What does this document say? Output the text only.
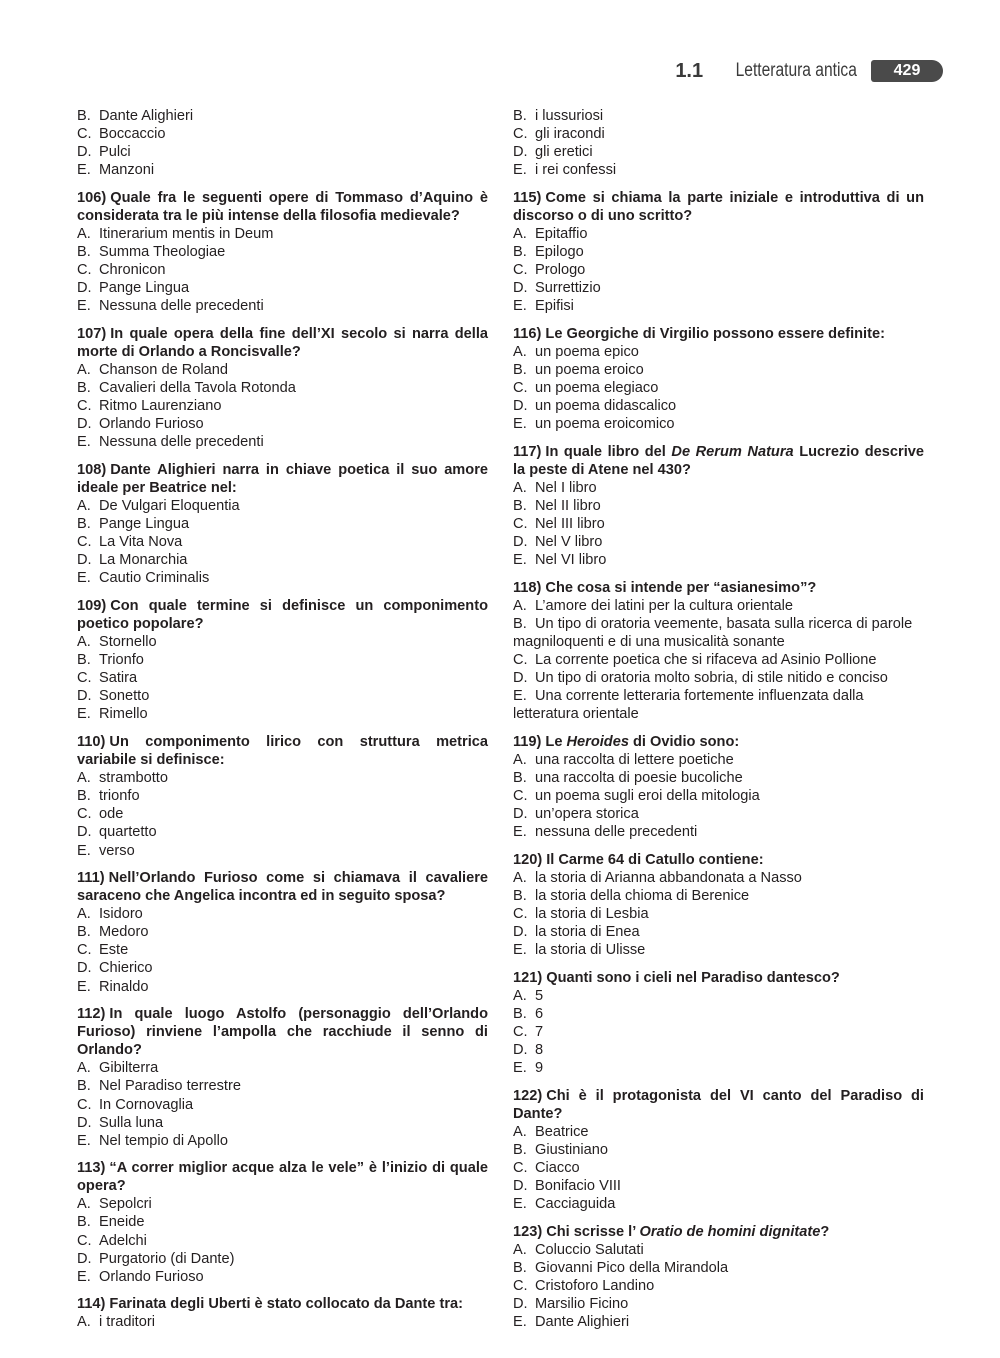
1.1 Letteratura antica	429
B. Dante Alighieri
C. Boccaccio
D. Pulci
E. Manzoni
106) Quale fra le seguenti opere di Tommaso d’Aquino è considerata tra le più intense della filosofia medievale?
A. Itinerarium mentis in Deum
B. Summa Theologiae
C. Chronicon
D. Pange Lingua
E. Nessuna delle precedenti
107) In quale opera della fine dell’XI secolo si narra della morte di Orlando a Roncisvalle?
A. Chanson de Roland
B. Cavalieri della Tavola Rotonda
C. Ritmo Laurenziano
D. Orlando Furioso
E. Nessuna delle precedenti
108) Dante Alighieri narra in chiave poetica il suo amore ideale per Beatrice nel:
A. De Vulgari Eloquentia
B. Pange Lingua
C. La Vita Nova
D. La Monarchia
E. Cautio Criminalis
109) Con quale termine si definisce un componimento poetico popolare?
A. Stornello
B. Trionfo
C. Satira
D. Sonetto
E. Rimello
110) Un componimento lirico con struttura metrica variabile si definisce:
A. strambotto
B. trionfo
C. ode
D. quartetto
E. verso
111) Nell’Orlando Furioso come si chiamava il cavaliere saraceno che Angelica incontra ed in seguito sposa?
A. Isidoro
B. Medoro
C. Este
D. Chierico
E. Rinaldo
112) In quale luogo Astolfo (personaggio dell’Orlando Furioso) rinviene l’ampolla che racchiude il senno di Orlando?
A. Gibilterra
B. Nel Paradiso terrestre
C. In Cornovaglia
D. Sulla luna
E. Nel tempio di Apollo
113) “A correr miglior acque alza le vele” è l’inizio di quale opera?
A. Sepolcri
B. Eneide
C. Adelchi
D. Purgatorio (di Dante)
E. Orlando Furioso
114) Farinata degli Uberti è stato collocato da Dante tra:
A. i traditori
B. i lussuriosi
C. gli iracondi
D. gli eretici
E. i rei confessi
115) Come si chiama la parte iniziale e introduttiva di un discorso o di uno scritto?
A. Epitaffio
B. Epilogo
C. Prologo
D. Surrettizio
E. Epifisi
116) Le Georgiche di Virgilio possono essere definite:
A. un poema epico
B. un poema eroico
C. un poema elegiaco
D. un poema didascalico
E. un poema eroicomico
117) In quale libro del De Rerum Natura Lucrezio descrive la peste di Atene nel 430?
A. Nel I libro
B. Nel II libro
C. Nel III libro
D. Nel V libro
E. Nel VI libro
118) Che cosa si intende per “asianesimo”?
A. L’amore dei latini per la cultura orientale
B. Un tipo di oratoria veemente, basata sulla ricerca di parole magniloquenti e di una musicalità sonante
C. La corrente poetica che si rifaceva ad Asinio Pollione
D. Un tipo di oratoria molto sobria, di stile nitido e conciso
E. Una corrente letteraria fortemente influenzata dalla letteratura orientale
119) Le Heroides di Ovidio sono:
A. una raccolta di lettere poetiche
B. una raccolta di poesie bucoliche
C. un poema sugli eroi della mitologia
D. un’opera storica
E. nessuna delle precedenti
120) Il Carme 64 di Catullo contiene:
A. la storia di Arianna abbandonata a Nasso
B. la storia della chioma di Berenice
C. la storia di Lesbia
D. la storia di Enea
E. la storia di Ulisse
121) Quanti sono i cieli nel Paradiso dantesco?
A. 5
B. 6
C. 7
D. 8
E. 9
122) Chi è il protagonista del VI canto del Paradiso di Dante?
A. Beatrice
B. Giustiniano
C. Ciacco
D. Bonifacio VIII
E. Cacciaguida
123) Chi scrisse l’ Oratio de homini dignitate?
A. Coluccio Salutati
B. Giovanni Pico della Mirandola
C. Cristoforo Landino
D. Marsilio Ficino
E. Dante Alighieri
